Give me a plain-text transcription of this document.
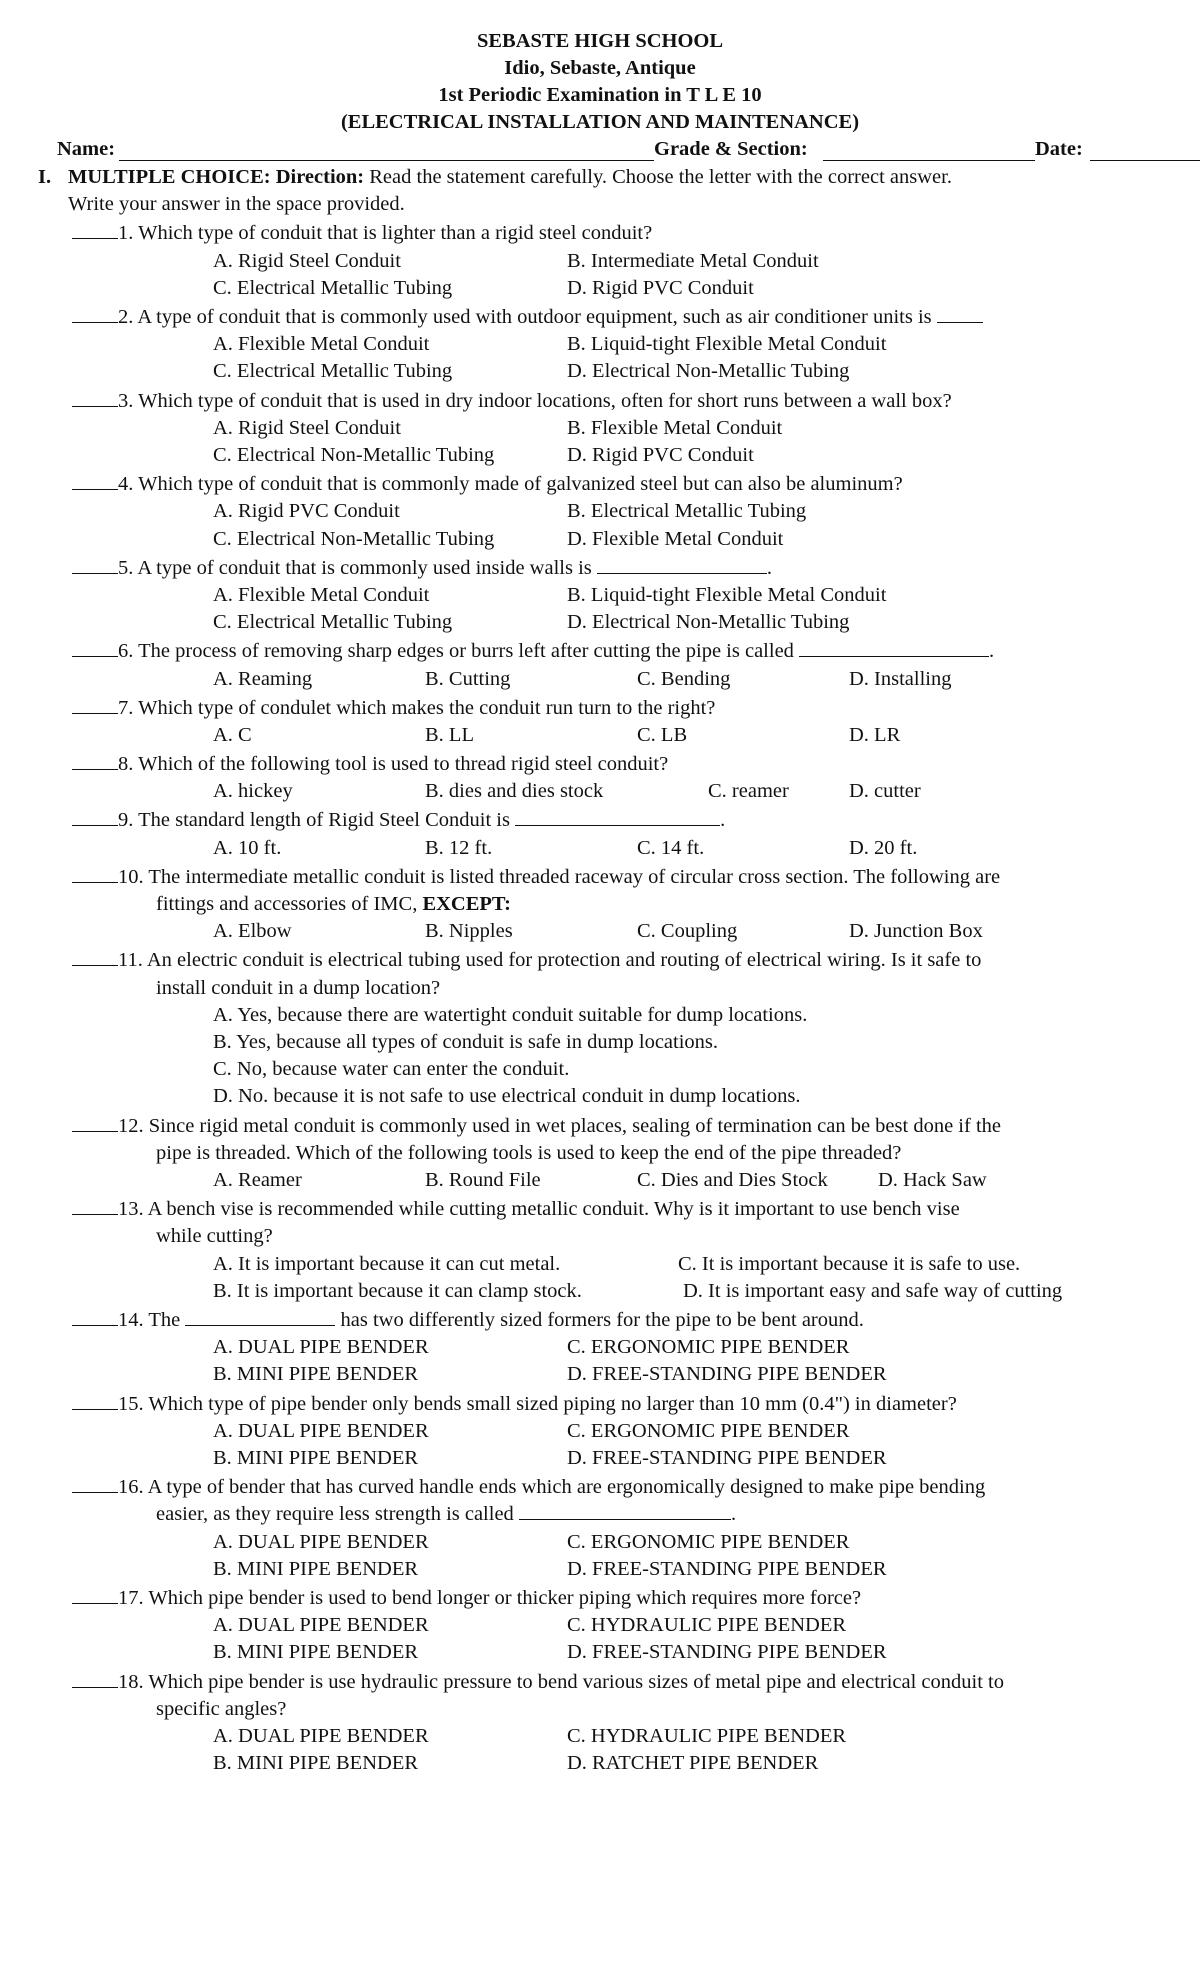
SEBASTE HIGH SCHOOL
Idio, Sebaste, Antique
1st Periodic Examination in T L E 10
(ELECTRICAL INSTALLATION AND MAINTENANCE)
Name:	Grade & Section:	Date:
I. MULTIPLE CHOICE: Direction: Read the statement carefully. Choose the letter with the correct answer.
Write your answer in the space provided.
1. Which type of conduit that is lighter than a rigid steel conduit?
A. Rigid Steel Conduit	B. Intermediate Metal Conduit
C. Electrical Metallic Tubing	D. Rigid PVC Conduit
2. A type of conduit that is commonly used with outdoor equipment, such as air conditioner units is
A. Flexible Metal Conduit	B. Liquid-tight Flexible Metal Conduit
C. Electrical Metallic Tubing	D. Electrical Non-Metallic Tubing
3. Which type of conduit that is used in dry indoor locations, often for short runs between a wall box?
A. Rigid Steel Conduit	B. Flexible Metal Conduit
C. Electrical Non-Metallic Tubing	D. Rigid PVC Conduit
4. Which type of conduit that is commonly made of galvanized steel but can also be aluminum?
A. Rigid PVC Conduit	B. Electrical Metallic Tubing
C. Electrical Non-Metallic Tubing	D. Flexible Metal Conduit
5. A type of conduit that is commonly used inside walls is	.
A. Flexible Metal Conduit	B. Liquid-tight Flexible Metal Conduit
C. Electrical Metallic Tubing	D. Electrical Non-Metallic Tubing
6. The process of removing sharp edges or burrs left after cutting the pipe is called	.
A. Reaming	B. Cutting	C. Bending	D. Installing
7. Which type of condulet which makes the conduit run turn to the right?
A. C	B. LL	C. LB	D. LR
8. Which of the following tool is used to thread rigid steel conduit?
A. hickey	B. dies and dies stock	C. reamer	D. cutter
9. The standard length of Rigid Steel Conduit is	.
A. 10 ft.	B. 12 ft.	C. 14 ft.	D. 20 ft.
10. The intermediate metallic conduit is listed threaded raceway of circular cross section. The following are
fittings and accessories of IMC, EXCEPT:
A. Elbow	B. Nipples	C. Coupling	D. Junction Box
11. An electric conduit is electrical tubing used for protection and routing of electrical wiring. Is it safe to
install conduit in a dump location?
A. Yes, because there are watertight conduit suitable for dump locations.
B. Yes, because all types of conduit is safe in dump locations.
C. No, because water can enter the conduit.
D. No. because it is not safe to use electrical conduit in dump locations.
12. Since rigid metal conduit is commonly used in wet places, sealing of termination can be best done if the
pipe is threaded. Which of the following tools is used to keep the end of the pipe threaded?
A. Reamer	B. Round File	C. Dies and Dies Stock D. Hack Saw
13. A bench vise is recommended while cutting metallic conduit. Why is it important to use bench vise
while cutting?
A. It is important because it can cut metal.	C. It is important because it is safe to use.
B. It is important because it can clamp stock.	D. It is important easy and safe way of cutting
14. The	has two differently sized formers for the pipe to be bent around.
A. DUAL PIPE BENDER	C. ERGONOMIC PIPE BENDER
B. MINI PIPE BENDER	D. FREE-STANDING PIPE BENDER
15. Which type of pipe bender only bends small sized piping no larger than 10 mm (0.4") in diameter?
A. DUAL PIPE BENDER	C. ERGONOMIC PIPE BENDER
B. MINI PIPE BENDER	D. FREE-STANDING PIPE BENDER
16. A type of bender that has curved handle ends which are ergonomically designed to make pipe bending
easier, as they require less strength is called	.
A. DUAL PIPE BENDER	C. ERGONOMIC PIPE BENDER
B. MINI PIPE BENDER	D. FREE-STANDING PIPE BENDER
17. Which pipe bender is used to bend longer or thicker piping which requires more force?
A. DUAL PIPE BENDER	C. HYDRAULIC PIPE BENDER
B. MINI PIPE BENDER	D. FREE-STANDING PIPE BENDER
18. Which pipe bender is use hydraulic pressure to bend various sizes of metal pipe and electrical conduit to
specific angles?
A. DUAL PIPE BENDER	C. HYDRAULIC PIPE BENDER
B. MINI PIPE BENDER	D. RATCHET PIPE BENDER
